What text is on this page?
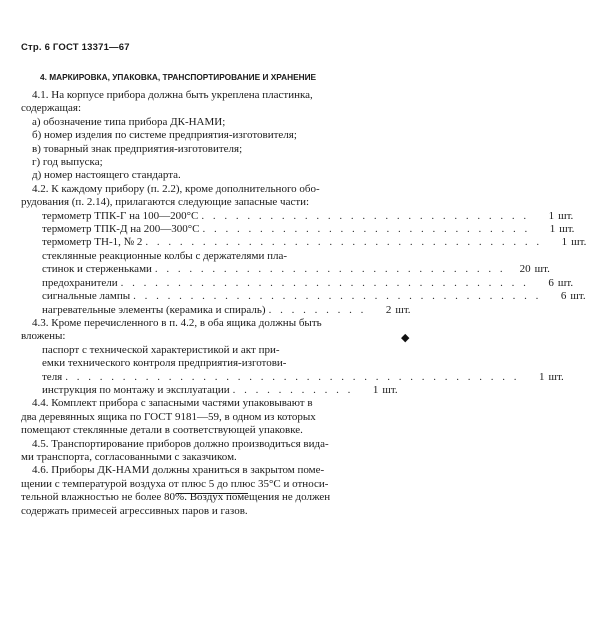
Стр. 6 ГОСТ 13371—67
4. МАРКИРОВКА, УПАКОВКА, ТРАНСПОРТИРОВАНИЕ И ХРАНЕНИЕ
4.1. На корпусе прибора должна быть укреплена пластинка,
содержащая:
а) обозначение типа прибора ДК-НАМИ;
б) номер изделия по системе предприятия-изготовителя;
в) товарный знак предприятия-изготовителя;
г) год выпуска;
д) номер настоящего стандарта.
4.2. К каждому прибору (п. 2.2), кроме дополнительного обо-
рудования (п. 2.14), прилагаются следующие запасные части:
термометр ТПК-Г на 100—200°С . . . . . . . . . . . . . . . . . . . . . . . . . . . . .	1 шт.
термометр ТПК-Д на 200—300°С . . . . . . . . . . . . . . . . . . . . . . . . . . . . .	1 шт.
термометр ТН-1, № 2 . . . . . . . . . . . . . . . . . . . . . . . . . . . . . . . . . . .	1 шт.
стеклянные реакционные колбы с держателями пла-
стинок и стерженьками . . . . . . . . . . . . . . . . . . . . . . . . . . . . . . .	20 шт.
предохранители . . . . . . . . . . . . . . . . . . . . . . . . . . . . . . . . . . . .	6 шт.
сигнальные лампы . . . . . . . . . . . . . . . . . . . . . . . . . . . . . . . . . . . .	6 шт.
нагревательные элементы (керамика и спираль) . . . . . . . . .	2 шт.
4.3. Кроме перечисленного в п. 4.2, в оба ящика должны быть
вложены:
паспорт с технической характеристикой и акт при-
емки технического контроля предприятия-изготови-
теля . . . . . . . . . . . . . . . . . . . . . . . . . . . . . . . . . . . . . . . .	1 шт.
инструкция по монтажу и эксплуатации . . . . . . . . . . .	1 шт.
4.4. Комплект прибора с запасными частями упаковывают в
два деревянных ящика по ГОСТ 9181—59, в одном из которых
помещают стеклянные детали в соответствующей упаковке.
4.5. Транспортирование приборов должно производиться вида-
ми транспорта, согласованными с заказчиком.
4.6. Приборы ДК-НАМИ должны храниться в закрытом поме-
щении с температурой воздуха от плюс 5 до плюс 35°С и относи-
тельной влажностью не более 80%. Воздух помещения не должен
содержать примесей агрессивных паров и газов.
◆
